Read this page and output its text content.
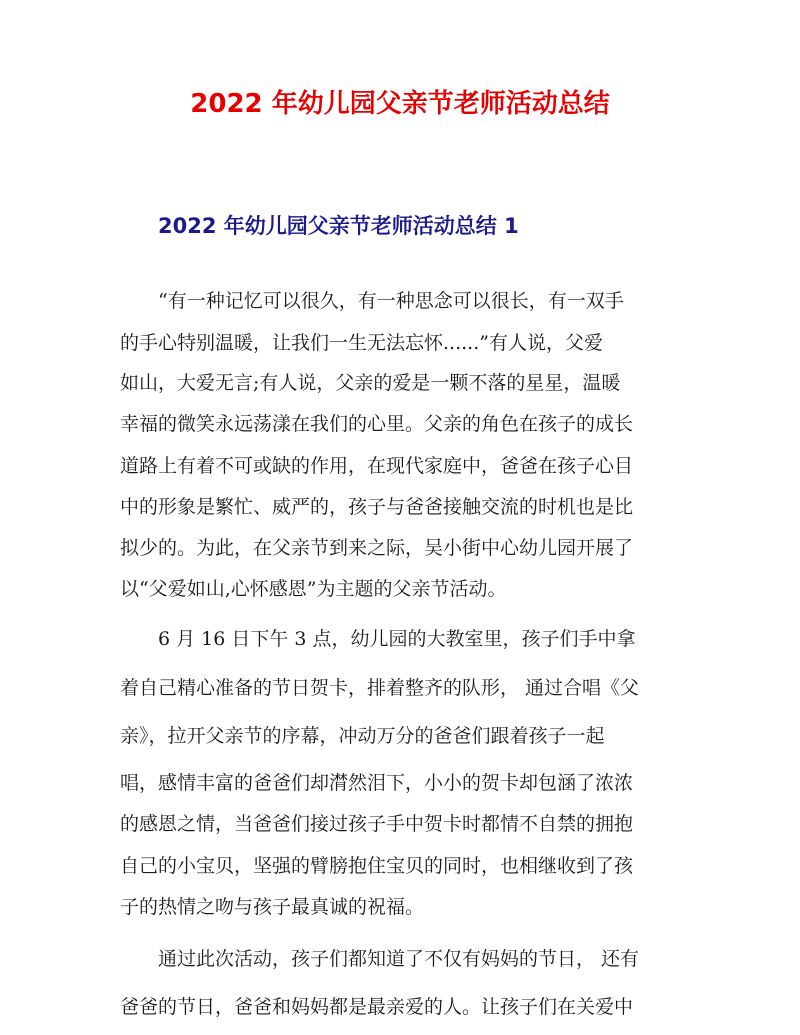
2022 年幼儿园父亲节老师活动总结
2022 年幼儿园父亲节老师活动总结 1

　　“有一种记忆可以很久，有一种思念可以很长，有一双手

的手心特别温暖，让我们一生无法忘怀......”有人说，父爱

如山，大爱无言;有人说，父亲的爱是一颗不落的星星，温暖

幸福的微笑永远荡漾在我们的心里。父亲的角色在孩子的成长

道路上有着不可或缺的作用，在现代家庭中，爸爸在孩子心目

中的形象是繁忙、威严的，孩子与爸爸接触交流的时机也是比

拟少的。为此，在父亲节到来之际，吴小街中心幼儿园开展了

以“父爱如山,心怀感恩”为主题的父亲节活动。

　　6 月 16 日下午 3 点，幼儿园的大教室里，孩子们手中拿

着自己精心准备的节日贺卡，排着整齐的队形， 通过合唱《父

亲》，拉开父亲节的序幕，冲动万分的爸爸们跟着孩子一起

唱，感情丰富的爸爸们却潸然泪下，小小的贺卡却包涵了浓浓

的感恩之情，当爸爸们接过孩子手中贺卡时都情不自禁的拥抱

自己的小宝贝，坚强的臂膀抱住宝贝的同时，也相继收到了孩

子的热情之吻与孩子最真诚的祝福。

　　通过此次活动，孩子们都知道了不仅有妈妈的节日， 还有

爸爸的节日，爸爸和妈妈都是最亲爱的人。让孩子们在关爱中
